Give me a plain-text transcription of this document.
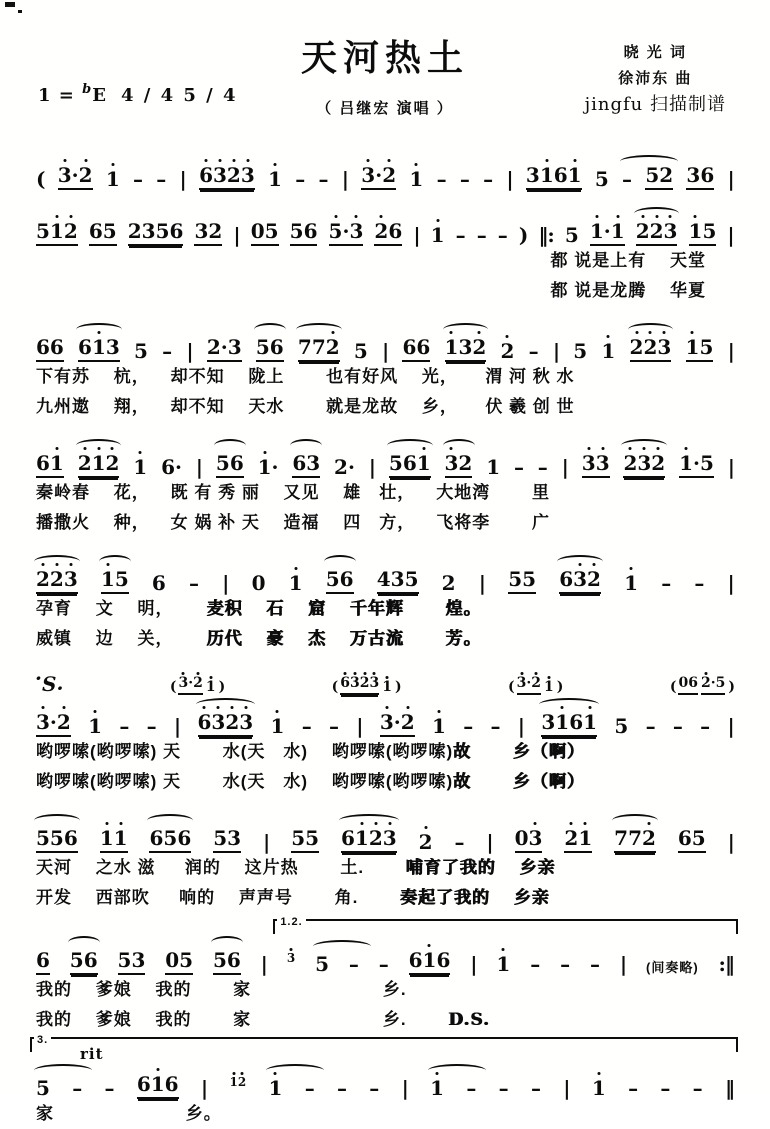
1 = $^b$E 4 / 4 5 / 4
天河热土
（ 吕继宏 演唱 ）
晓 光 词
徐沛东 曲
jingfu 扫描制谱
( 3·2 1 – – | 6323 1 – – | 3·2 1 – – – | 3161 5 – 52 36 |
512 65 2356 32 | 05 56 5·3 26 | 1 – – – ) ‖: 5 1·1 223 15 |
都 说是上有　 天堂
都 说是龙腾　 华夏
66 613 5 – | 2·3 56 772 5 | 66 132 2 – | 5 1 223 15 |
下有苏　 杭，　  却不知　 陇上　　 也有好风　 光，　　渭 河 秋 水
九州遨　 翔，　  却不知　 天水　　 就是龙故　 乡，　　伏 羲 创 世
61 212 1 6· | 56 1· 63 2· | 561 32 1 – – | 33 232 1·5 |
秦岭春　 花，　  既 有 秀 丽　 又见　 雄　壮，　  大地湾　　 里
播撒火　 种，　  女 娲 补 天　 造福　 四　方，　  飞将李　　 广
223 15 6 – | 0 1 56 435 2 | 55 632 1 – – |
孕育　 文　 明，　　 麦积　 石　 窟　 千年辉　　 煌。
威镇　 边　 关，　　 历代　 豪　 杰　 万古流　　 芳。
· S ·	( 3·2 1 )	( 6323 1 )	( 3·2 1 )	( 06 2·5 )
3·2 1 – – | 6323 1 – – | 3·2 1 – – | 3161 5 – – – |
哟啰嗦(哟啰嗦) 天　　 水(天　水)　 哟啰嗦(哟啰嗦) 故　　 乡（啊）
哟啰嗦(哟啰嗦) 天　　 水(天　水)　 哟啰嗦(哟啰嗦) 故　　 乡（啊）
556 11 656 53 | 55 6123 2 – | 03 21 772 65 |
天河　 之水 滋　  润的　 这片热　　 土.　　 哺育了我的　 乡亲
开发　 西部吹　  响的　 声声号　　 角.　　 奏起了我的　 乡亲
1.2.
6 56 53 05 56 | 3 5 – – 616 | 1 – – – | (间奏略) :‖
我的　 爹娘　 我的　　 家　　　　　　　 乡.
我的　 爹娘　 我的　　 家　　　　　　　 乡.　　 D.S.
3.
rit
5 – – 616 | 12 1 – – – | 1 – – – | 1 – – – ‖
家　　　　　　　 乡。
